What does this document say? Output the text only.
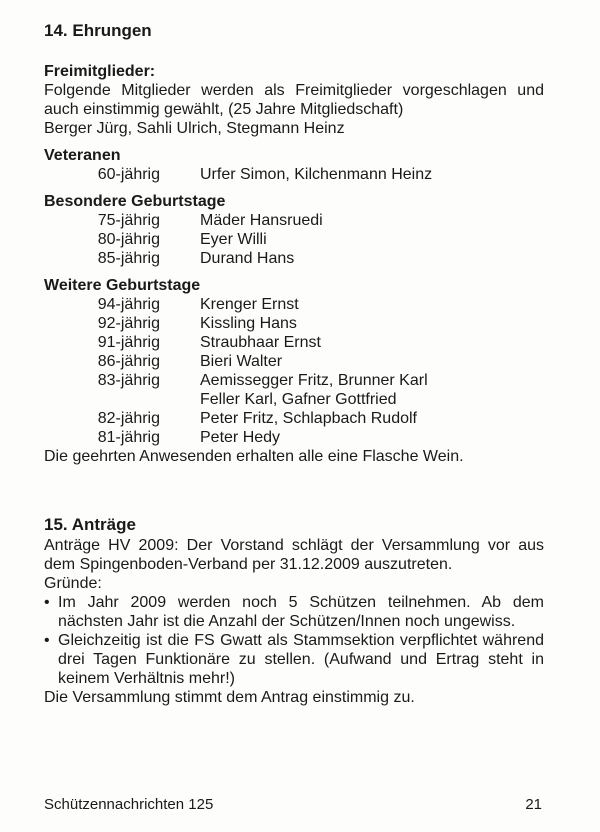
14. Ehrungen
Freimitglieder:

Folgende Mitglieder werden als Freimitglieder vorgeschlagen und auch einstimmig gewählt, (25 Jahre Mitgliedschaft)

Berger Jürg, Sahli Ulrich, Stegmann Heinz

Veteranen
60-jährig	Urfer Simon, Kilchenmann Heinz
Besondere Geburtstage
75-jährig	Mäder Hansruedi
80-jährig	Eyer Willi
85-jährig	Durand Hans
Weitere Geburtstage
94-jährig	Krenger Ernst
92-jährig	Kissling Hans
91-jährig	Straubhaar Ernst
86-jährig	Bieri Walter
83-jährig	Aemissegger Fritz, Brunner Karl
Feller Karl, Gafner Gottfried
82-jährig	Peter Fritz, Schlapbach Rudolf
81-jährig	Peter Hedy

Die geehrten Anwesenden erhalten alle eine Flasche Wein.

15. Anträge

Anträge HV 2009: Der Vorstand schlägt der Versammlung vor aus dem Spingenboden-Verband per 31.12.2009 auszutreten.

Gründe:

• Im Jahr 2009 werden noch 5 Schützen teilnehmen. Ab dem nächsten Jahr ist die Anzahl der Schützen/Innen noch ungewiss.
• Gleichzeitig ist die FS Gwatt als Stammsektion verpflichtet während drei Tagen Funktionäre zu stellen. (Aufwand und Ertrag steht in keinem Verhältnis mehr!)

Die Versammlung stimmt dem Antrag einstimmig zu.

Schützennachrichten 125	21
